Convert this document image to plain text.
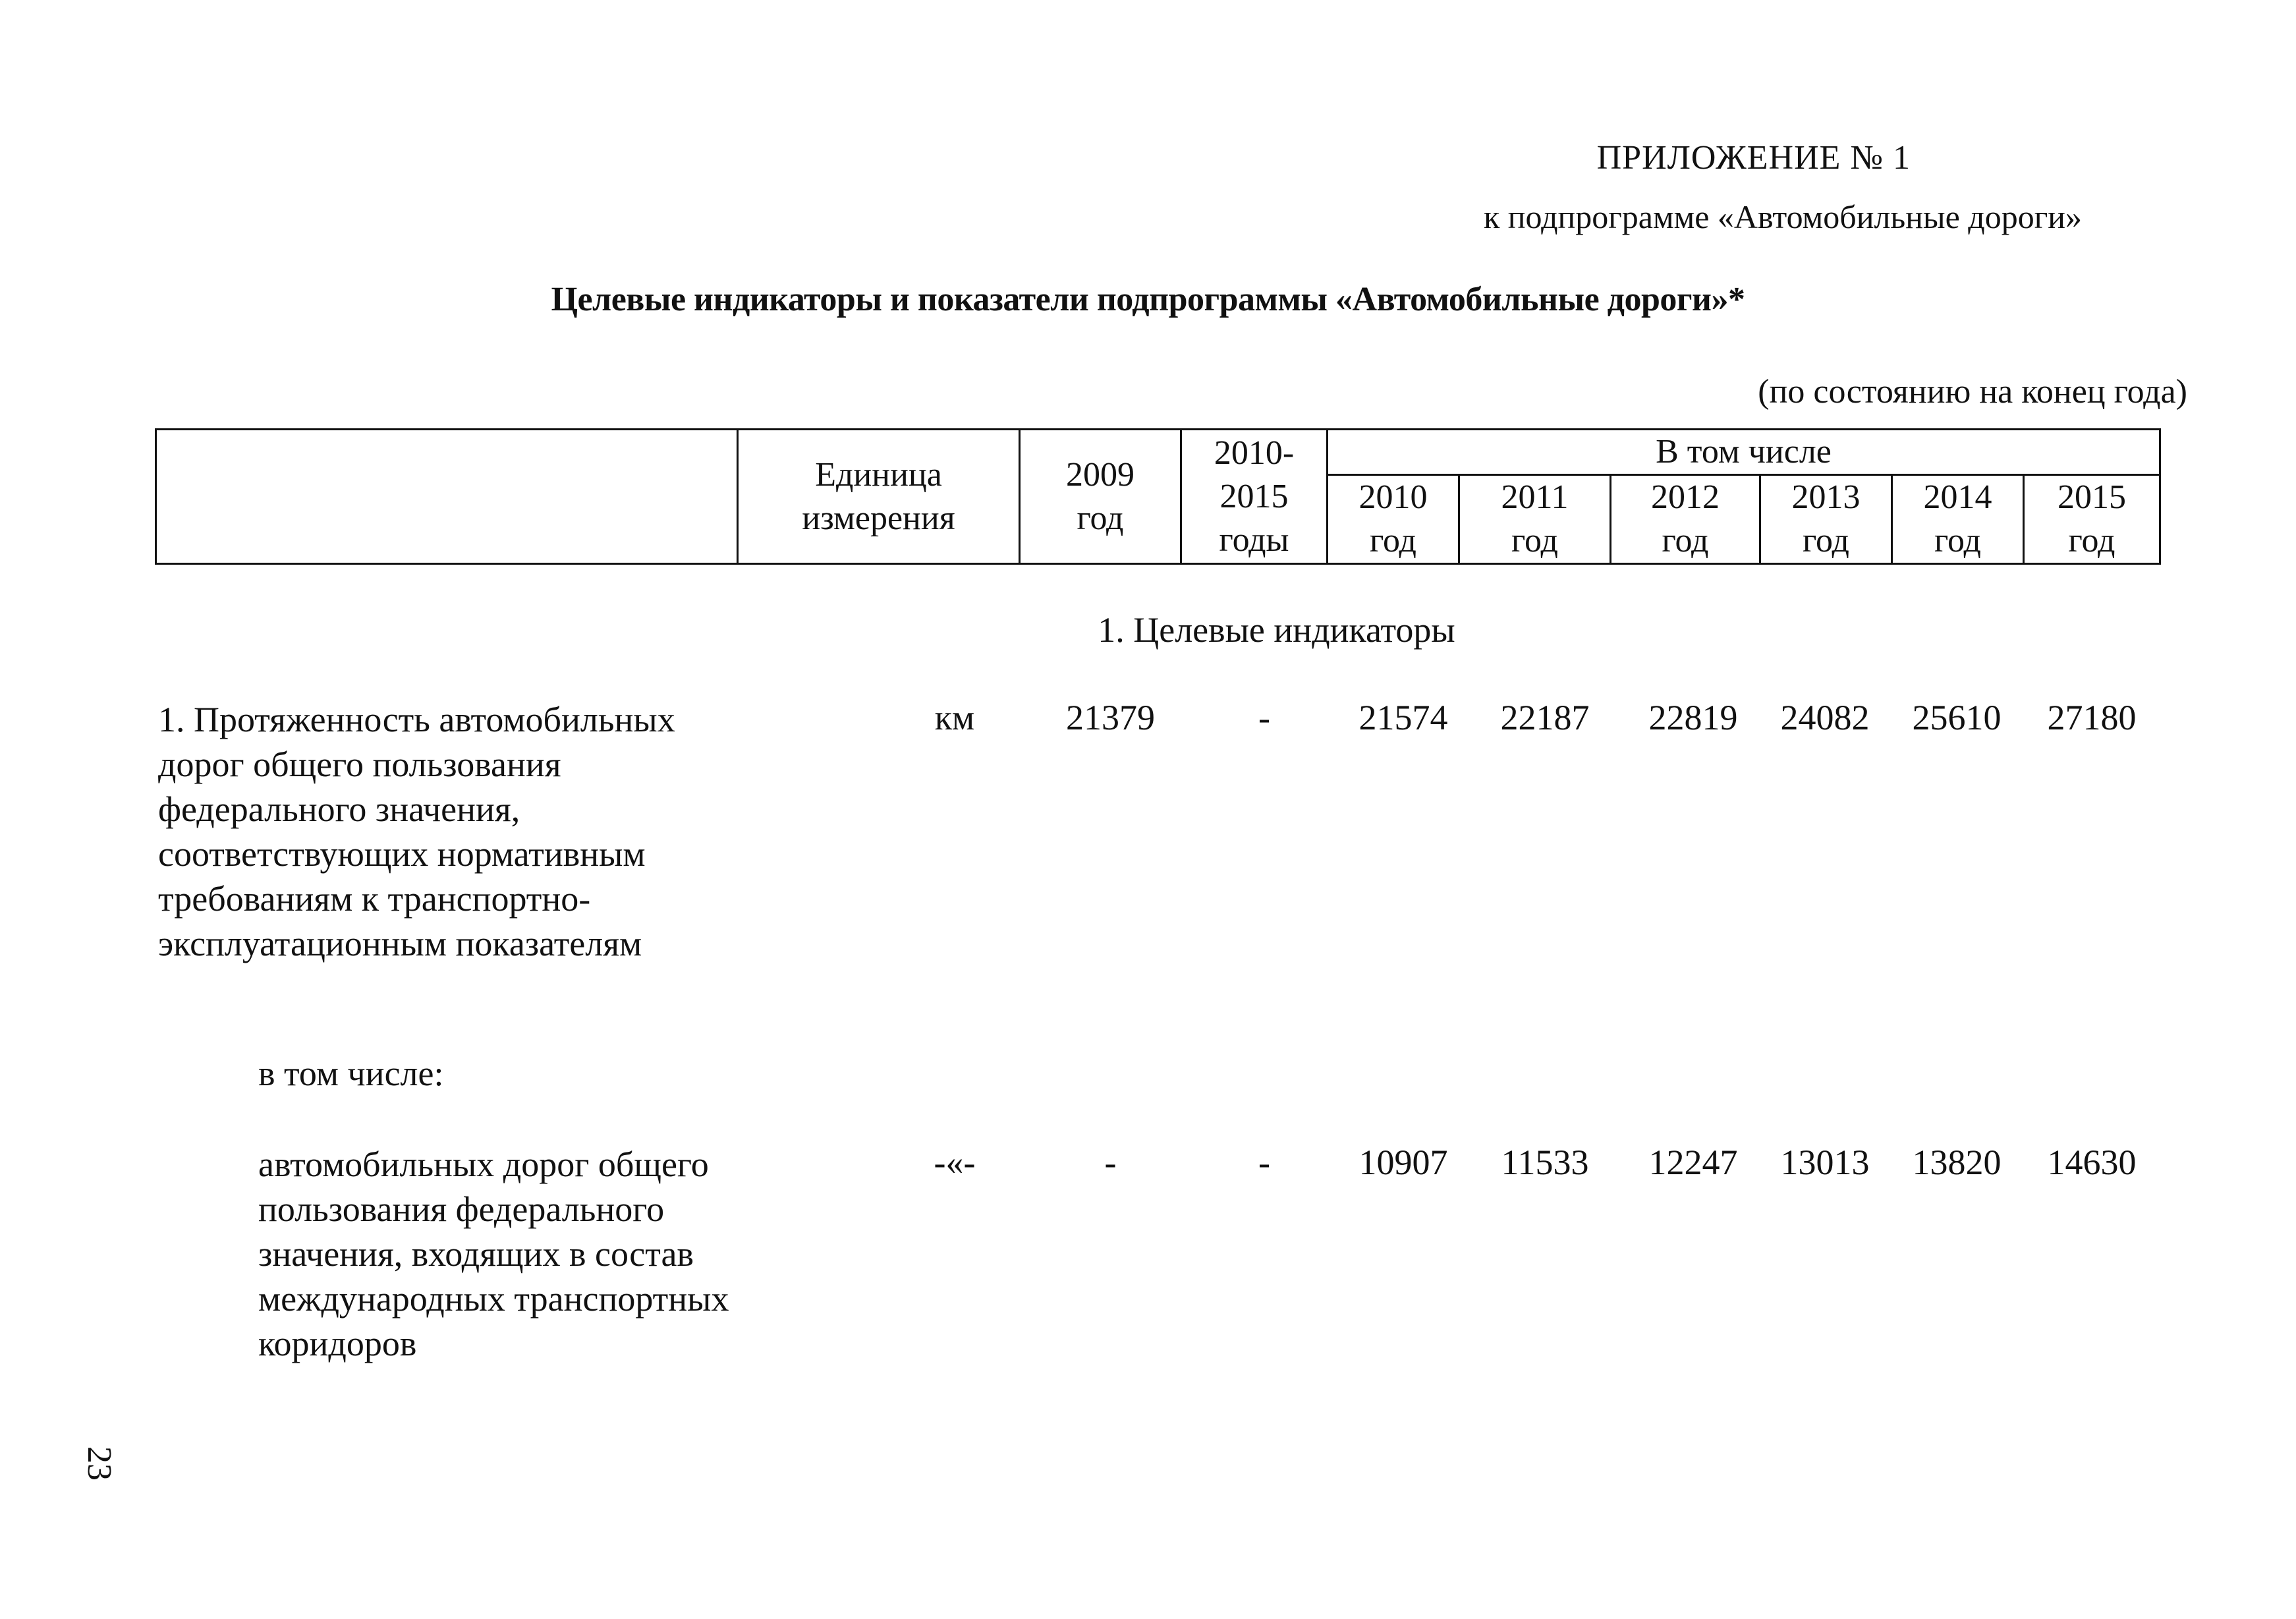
ПРИЛОЖЕНИЕ № 1
к подпрограмме «Автомобильные дороги»
Целевые индикаторы и показатели подпрограммы «Автомобильные дороги»*
(по состоянию на конец года)

	Единица измерения	2009 год	2010-2015 годы	В том числе					

				2010 год	2011 год	2012 год	2013 год	2014 год	2015 год
1. Целевые индикаторы
1. Протяженность автомобильных дорог общего пользования федерального значения, соответствующих нормативным требованиям к транспортно-эксплуатационным показателям
км	21379	-	21574	22187	22819	24082	25610	27180
в том числе:
автомобильных дорог общего пользования федерального значения, входящих в состав международных транспортных коридоров
-«-	-	-	10907	11533	12247	13013	13820	14630
23
